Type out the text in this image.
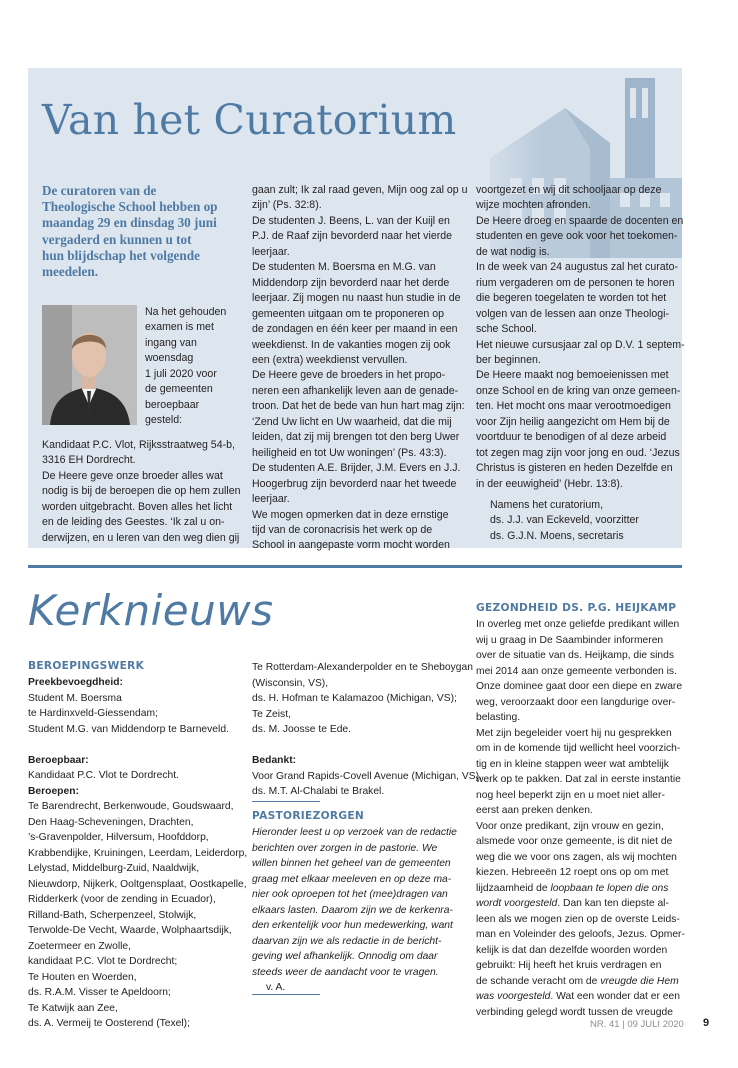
Van het Curatorium
De curatoren van de
Theologische School hebben op
maandag 29 en dinsdag 30 juni
vergaderd en kunnen u tot
hun blijdschap het volgende
meedelen.
Na het gehouden
examen is met
ingang van
woensdag
1 juli 2020 voor
de gemeenten
beroepbaar
gesteld:
Kandidaat P.C. Vlot, Rijksstraatweg 54-b,
3316 EH Dordrecht.
De Heere geve onze broeder alles wat
nodig is bij de beroepen die op hem zullen
worden uitgebracht. Boven alles het licht
en de leiding des Geestes. ‘Ik zal u on-
derwijzen, en u leren van den weg dien gij
gaan zult; Ik zal raad geven, Mijn oog zal op u
zijn’ (Ps. 32:8).
De studenten J. Beens, L. van der Kuijl en
P.J. de Raaf zijn bevorderd naar het vierde
leerjaar.
De studenten M. Boersma en M.G. van
Middendorp zijn bevorderd naar het derde
leerjaar. Zij mogen nu naast hun studie in de
gemeenten uitgaan om te proponeren op
de zondagen en één keer per maand in een
weekdienst. In de vakanties mogen zij ook
een (extra) weekdienst vervullen.
De Heere geve de broeders in het propo-
neren een afhankelijk leven aan de genade-
troon. Dat het de bede van hun hart mag zijn:
‘Zend Uw licht en Uw waarheid, dat die mij
leiden, dat zij mij brengen tot den berg Uwer
heiligheid en tot Uw woningen’ (Ps. 43:3).
De studenten A.E. Brijder, J.M. Evers en J.J.
Hoogerbrug zijn bevorderd naar het tweede
leerjaar.
We mogen opmerken dat in deze ernstige
tijd van de coronacrisis het werk op de
School in aangepaste vorm mocht worden
voortgezet en wij dit schooljaar op deze
wijze mochten afronden.
De Heere droeg en spaarde de docenten en
studenten en geve ook voor het toekomen-
de wat nodig is.
In de week van 24 augustus zal het curato-
rium vergaderen om de personen te horen
die begeren toegelaten te worden tot het
volgen van de lessen aan onze Theologi-
sche School.
Het nieuwe cursusjaar zal op D.V. 1 septem-
ber beginnen.
De Heere maakt nog bemoeienissen met
onze School en de kring van onze gemeen-
ten. Het mocht ons maar verootmoedigen
voor Zijn heilig aangezicht om Hem bij de
voortduur te benodigen of al deze arbeid
tot zegen mag zijn voor jong en oud. ‘Jezus
Christus is gisteren en heden Dezelfde en
in der eeuwigheid’ (Hebr. 13:8).
Namens het curatorium,
ds. J.J. van Eckeveld, voorzitter
ds. G.J.N. Moens, secretaris
Kerknieuws
BEROEPINGSWERK
Preekbevoegdheid:
Student M. Boersma
te Hardinxveld-Giessendam;
Student M.G. van Middendorp te Barneveld.

Beroepbaar:
Kandidaat P.C. Vlot te Dordrecht.
Beroepen:
Te Barendrecht, Berkenwoude, Goudswaard,
Den Haag-Scheveningen, Drachten,
’s-Gravenpolder, Hilversum, Hoofddorp,
Krabbendijke, Kruiningen, Leerdam, Leiderdorp,
Lelystad, Middelburg-Zuid, Naaldwijk,
Nieuwdorp, Nijkerk, Ooltgensplaat, Oostkapelle,
Ridderkerk (voor de zending in Ecuador),
Rilland-Bath, Scherpenzeel, Stolwijk,
Terwolde-De Vecht, Waarde, Wolphaartsdijk,
Zoetermeer en Zwolle,
kandidaat P.C. Vlot te Dordrecht;
Te Houten en Woerden,
ds. R.A.M. Visser te Apeldoorn;
Te Katwijk aan Zee,
ds. A. Vermeij te Oosterend (Texel);
Te Rotterdam-Alexanderpolder en te Sheboygan
(Wisconsin, VS),
ds. H. Hofman te Kalamazoo (Michigan, VS);
Te Zeist,
ds. M. Joosse te Ede.

Bedankt:
Voor Grand Rapids-Covell Avenue (Michigan, VS),
ds. M.T. Al-Chalabi te Brakel.
PASTORIEZORGEN
Hieronder leest u op verzoek van de redactie
berichten over zorgen in de pastorie. We
willen binnen het geheel van de gemeenten
graag met elkaar meeleven en op deze ma-
nier ook oproepen tot het (mee)dragen van
elkaars lasten. Daarom zijn we de kerkenra-
den erkentelijk voor hun medewerking, want
daarvan zijn we als redactie in de bericht-
geving wel afhankelijk. Onnodig om daar
steeds weer de aandacht voor te vragen.
v. A.
GEZONDHEID DS. P.G. HEIJKAMP
In overleg met onze geliefde predikant willen
wij u graag in De Saambinder informeren
over de situatie van ds. Heijkamp, die sinds
mei 2014 aan onze gemeente verbonden is.
Onze dominee gaat door een diepe en zware
weg, veroorzaakt door een langdurige over-
belasting.
Met zijn begeleider voert hij nu gesprekken
om in de komende tijd wellicht heel voorzich-
tig en in kleine stappen weer wat ambtelijk
werk op te pakken. Dat zal in eerste instantie
nog heel beperkt zijn en u moet niet aller-
eerst aan preken denken.
Voor onze predikant, zijn vrouw en gezin,
alsmede voor onze gemeente, is dit niet de
weg die we voor ons zagen, als wij mochten
kiezen. Hebreeën 12 roept ons op om met
lijdzaamheid de loopbaan te lopen die ons
wordt voorgesteld. Dan kan ten diepste al-
leen als we mogen zien op de overste Leids-
man en Voleinder des geloofs, Jezus. Opmer-
kelijk is dat dan dezelfde woorden worden
gebruikt: Hij heeft het kruis verdragen en
de schande veracht om de vreugde die Hem
was voorgesteld. Wat een wonder dat er een
verbinding gelegd wordt tussen de vreugde
NR. 41 | 09 JULI 2020 9
